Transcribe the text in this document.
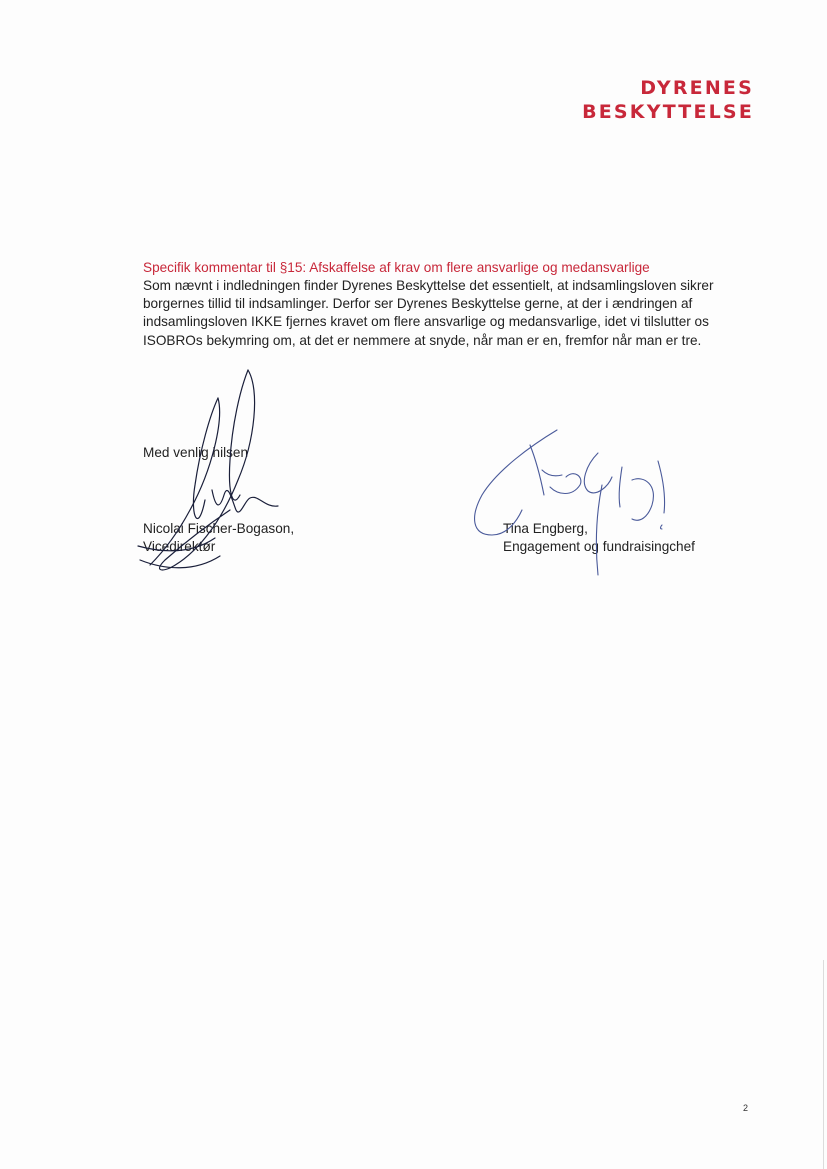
DYRENES
BESKYTTELSE

Specifik kommentar til §15: Afskaffelse af krav om flere ansvarlige og medansvarlige

Som nævnt i indledningen finder Dyrenes Beskyttelse det essentielt, at indsamlingsloven sikrer borgernes tillid til indsamlinger. Derfor ser Dyrenes Beskyttelse gerne, at der i ændringen af indsamlingsloven IKKE fjernes kravet om flere ansvarlige og medansvarlige, idet vi tilslutter os ISOBROs bekymring om, at det er nemmere at snyde, når man er en, fremfor når man er tre.

Med venlig hilsen
Nicolai Fischer-Bogason,
Vicedirektør
Tina Engberg,
Engagement og fundraisingchef
2
